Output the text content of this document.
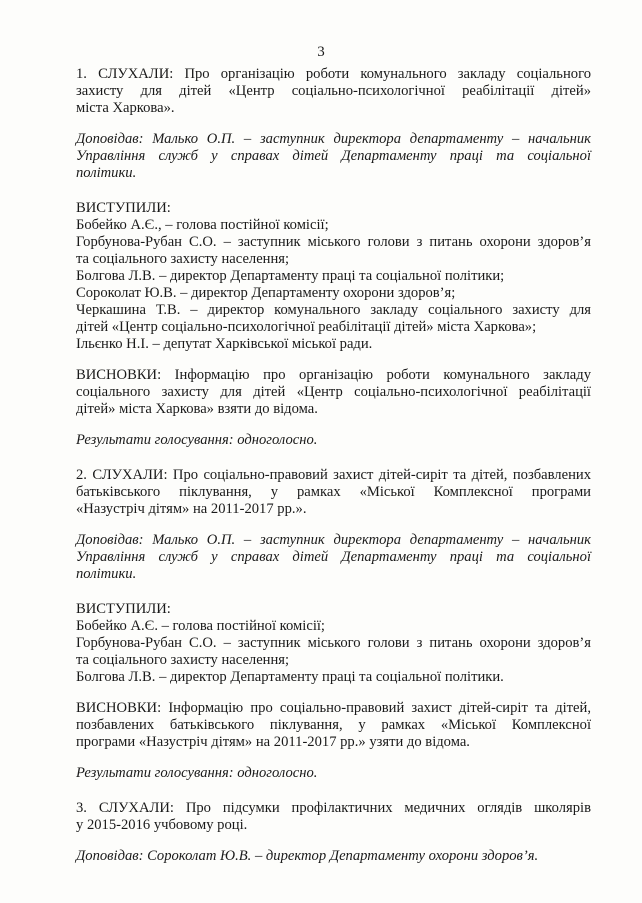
3
1. СЛУХАЛИ: Про організацію роботи комунального закладу соціального
захисту для дітей «Центр соціально-психологічної реабілітації дітей»
міста Харкова».
Доповідав: Малько О.П. – заступник директора департаменту – начальник
Управління служб у справах дітей Департаменту праці та соціальної
політики.
ВИСТУПИЛИ:
Бобейко А.Є., – голова постійної комісії;
Горбунова-Рубан С.О. – заступник міського голови з питань охорони здоров’я
та соціального захисту населення;
Болгова Л.В. – директор Департаменту праці та соціальної політики;
Сороколат Ю.В. – директор Департаменту охорони здоров’я;
Черкашина Т.В. – директор комунального закладу соціального захисту для
дітей «Центр соціально-психологічної реабілітації дітей» міста Харкова»;
Ільєнко Н.І. – депутат Харківської міської ради.
ВИСНОВКИ: Інформацію про організацію роботи комунального закладу
соціального захисту для дітей «Центр соціально-психологічної реабілітації
дітей» міста Харкова» взяти до відома.
Результати голосування: одноголосно.
2. СЛУХАЛИ: Про соціально-правовий захист дітей-сиріт та дітей, позбавлених
батьківського піклування, у рамках «Міської Комплексної програми
«Назустріч дітям» на 2011-2017 рр.».
Доповідав: Малько О.П. – заступник директора департаменту – начальник
Управління служб у справах дітей Департаменту праці та соціальної
політики.
ВИСТУПИЛИ:
Бобейко А.Є. – голова постійної комісії;
Горбунова-Рубан С.О. – заступник міського голови з питань охорони здоров’я
та соціального захисту населення;
Болгова Л.В. – директор Департаменту праці та соціальної політики.
ВИСНОВКИ: Інформацію про соціально-правовий захист дітей-сиріт та дітей,
позбавлених батьківського піклування, у рамках «Міської Комплексної
програми «Назустріч дітям» на 2011-2017 рр.» узяти до відома.
Результати голосування: одноголосно.
3. СЛУХАЛИ: Про підсумки профілактичних медичних оглядів школярів
у 2015-2016 учбовому році.
Доповідав: Сороколат Ю.В. – директор Департаменту охорони здоров’я.
